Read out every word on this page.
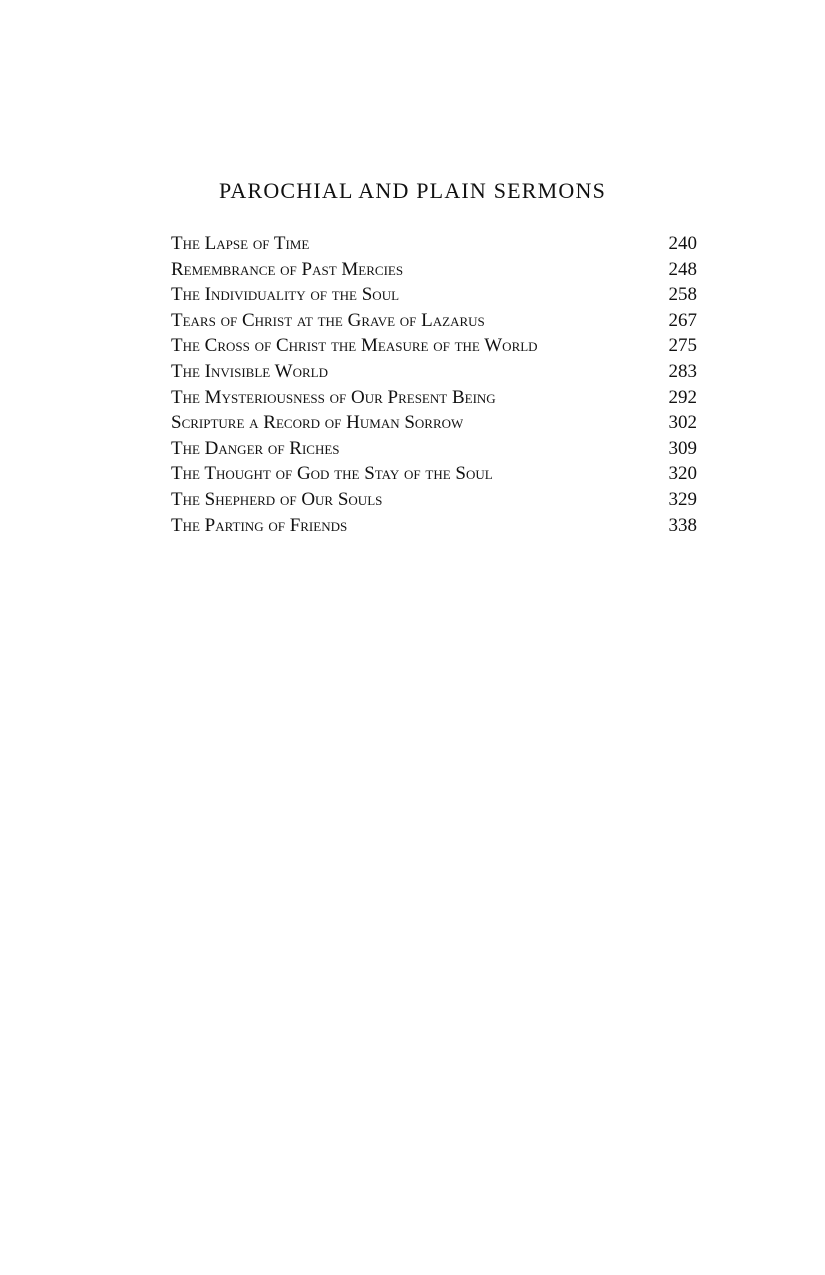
PAROCHIAL AND PLAIN SERMONS
The Lapse of Time	240
Remembrance of Past Mercies	248
The Individuality of the Soul	258
Tears of Christ at the Grave of Lazarus	267
The Cross of Christ the Measure of the World	275
The Invisible World	283
The Mysteriousness of Our Present Being	292
Scripture a Record of Human Sorrow	302
The Danger of Riches	309
The Thought of God the Stay of the Soul	320
The Shepherd of Our Souls	329
The Parting of Friends	338
